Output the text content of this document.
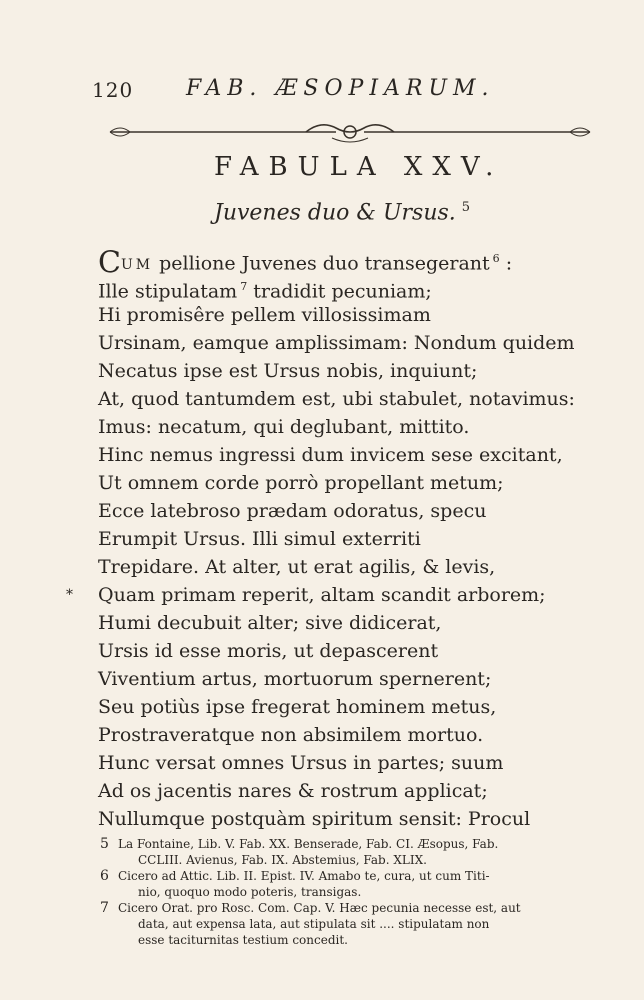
120 FAB. ÆSOPIARUM.
FABULA XXV.
Juvenes duo & Ursus. $^5$
CUM pellione Juvenes duo transegerant $^6$ :
Ille stipulatam $^7$ tradidit pecuniam;
Hi promisêre pellem villosissimam
Ursinam, eamque amplissimam: Nondum quidem
Necatus ipse est Ursus nobis, inquiunt;
At, quod tantumdem est, ubi stabulet, notavimus:
Imus: necatum, qui deglubant, mittito.
Hinc nemus ingressi dum invicem sese excitant,
Ut omnem corde porrò propellant metum;
Ecce latebroso prædam odoratus, specu
Erumpit Ursus. Illi simul exterriti
Trepidare. At alter, ut erat agilis, & levis,
* Quam primam reperit, altam scandit arborem;
Humi decubuit alter; sive didicerat,
Ursis id esse moris, ut depascerent
Viventium artus, mortuorum spernerent;
Seu potiùs ipse fregerat hominem metus,
Prostraveratque non absimilem mortuo.
Hunc versat omnes Ursus in partes; suum
Ad os jacentis nares & rostrum applicat;
Nullumque postquàm spiritum sensit: Procul
5 La Fontaine, Lib. V. Fab. XX. Benserade, Fab. CI. Æsopus, Fab.
CCLIII. Avienus, Fab. IX. Abstemius, Fab. XLIX.
6 Cicero ad Attic. Lib. II. Epist. IV. Amabo te, cura, ut cum Titi-
nio, quoquo modo poteris, transigas.
7 Cicero Orat. pro Rosc. Com. Cap. V. Hæc pecunia necesse est, aut
data, aut expensa lata, aut stipulata sit .... stipulatam non
esse taciturnitas testium concedit.
